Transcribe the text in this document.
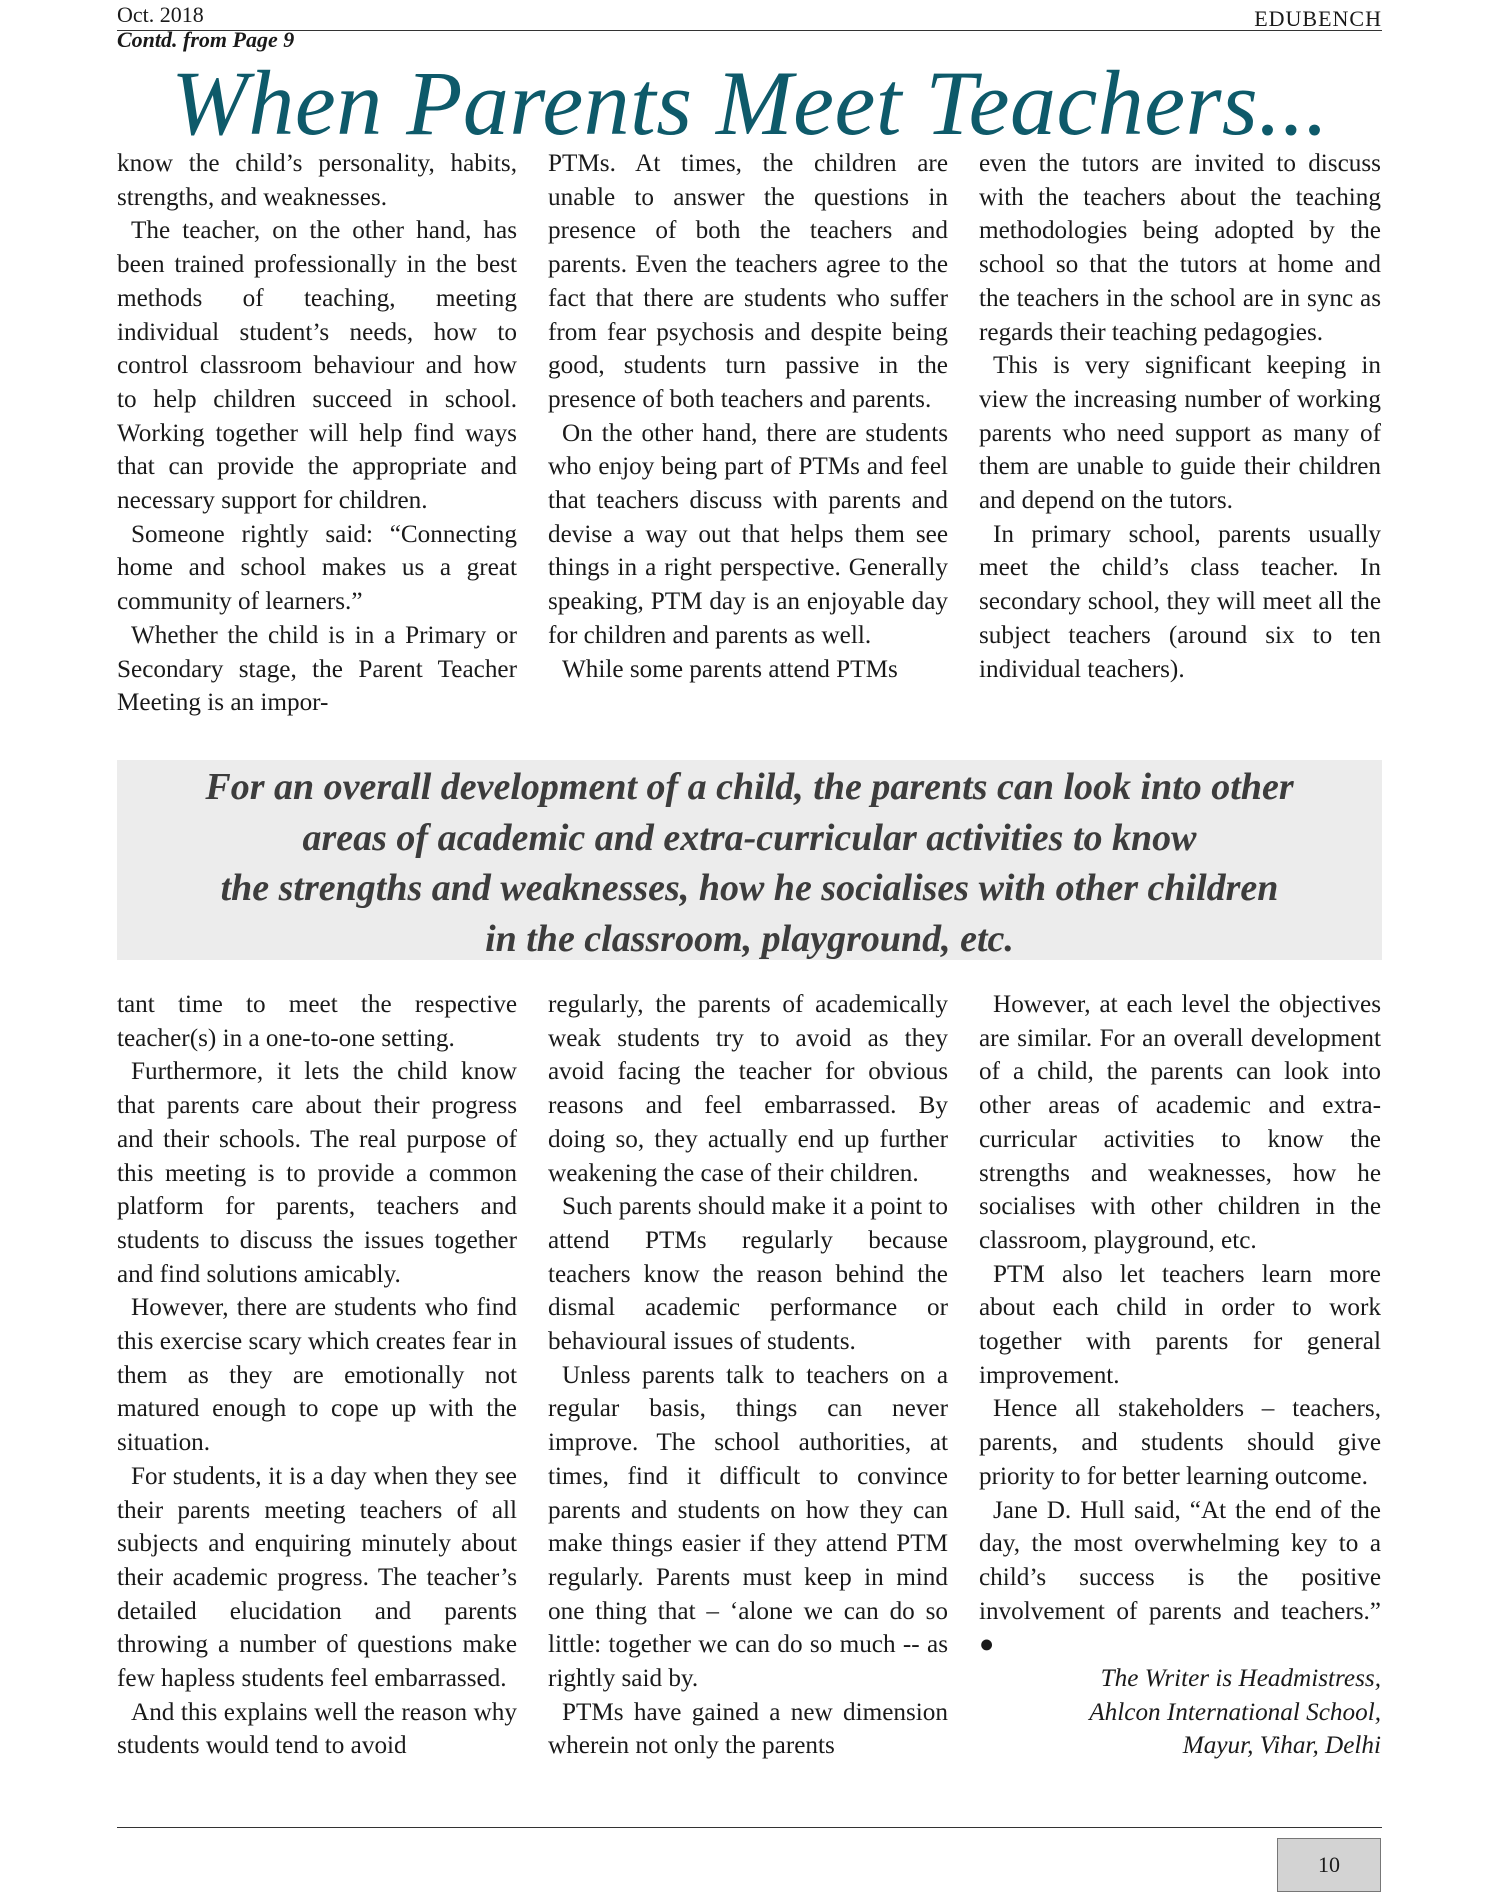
Oct. 2018	EDUBENCH
Contd. from Page 9
When Parents Meet Teachers...

know the child’s personality, habits, strengths, and weaknesses.

The teacher, on the other hand, has been trained professionally in the best methods of teaching, meeting individual student’s needs, how to control classroom behaviour and how to help children succeed in school. Working together will help find ways that can provide the appropriate and necessary support for children.

Someone rightly said: “Connecting home and school makes us a great community of learners.”

Whether the child is in a Primary or Secondary stage, the Parent Teacher Meeting is an impor-

PTMs. At times, the children are unable to answer the questions in presence of both the teachers and parents. Even the teachers agree to the fact that there are students who suffer from fear psychosis and despite being good, students turn passive in the presence of both teachers and parents.

On the other hand, there are students who enjoy being part of PTMs and feel that teachers discuss with parents and devise a way out that helps them see things in a right perspective. Generally speaking, PTM day is an enjoyable day for children and parents as well.

While some parents attend PTMs

even the tutors are invited to discuss with the teachers about the teaching methodologies being adopted by the school so that the tutors at home and the teachers in the school are in sync as regards their teaching pedagogies.

This is very significant keeping in view the increasing number of working parents who need support as many of them are unable to guide their children and depend on the tutors.

In primary school, parents usually meet the child’s class teacher. In secondary school, they will meet all the subject teachers (around six to ten individual teachers).

For an overall development of a child, the parents can look into other
areas of academic and extra-curricular activities to know
the strengths and weaknesses, how he socialises with other children
in the classroom, playground, etc.

tant time to meet the respective teacher(s) in a one-to-one setting.

Furthermore, it lets the child know that parents care about their progress and their schools. The real purpose of this meeting is to provide a common platform for parents, teachers and students to discuss the issues together and find solutions amicably.

However, there are students who find this exercise scary which creates fear in them as they are emotionally not matured enough to cope up with the situation.

For students, it is a day when they see their parents meeting teachers of all subjects and enquiring minutely about their academic progress. The teacher’s detailed elucidation and parents throwing a number of questions make few hapless students feel embarrassed.

And this explains well the reason why students would tend to avoid

regularly, the parents of academically weak students try to avoid as they avoid facing the teacher for obvious reasons and feel embarrassed. By doing so, they actually end up further weakening the case of their children.

Such parents should make it a point to attend PTMs regularly because teachers know the reason behind the dismal academic performance or behavioural issues of students.

Unless parents talk to teachers on a regular basis, things can never improve. The school authorities, at times, find it difficult to convince parents and students on how they can make things easier if they attend PTM regularly. Parents must keep in mind one thing that – ‘alone we can do so little: together we can do so much -- as rightly said by.

PTMs have gained a new dimension wherein not only the parents

However, at each level the objectives are similar. For an overall development of a child, the parents can look into other areas of academic and extra-curricular activities to know the strengths and weaknesses, how he socialises with other children in the classroom, playground, etc.

PTM also let teachers learn more about each child in order to work together with parents for general improvement.

Hence all stakeholders – teachers, parents, and students should give priority to for better learning outcome.

Jane D. Hull said, “At the end of the day, the most overwhelming key to a child’s success is the positive involvement of parents and teachers.” ●

The Writer is Headmistress,

Ahlcon International School,

Mayur, Vihar, Delhi

10
